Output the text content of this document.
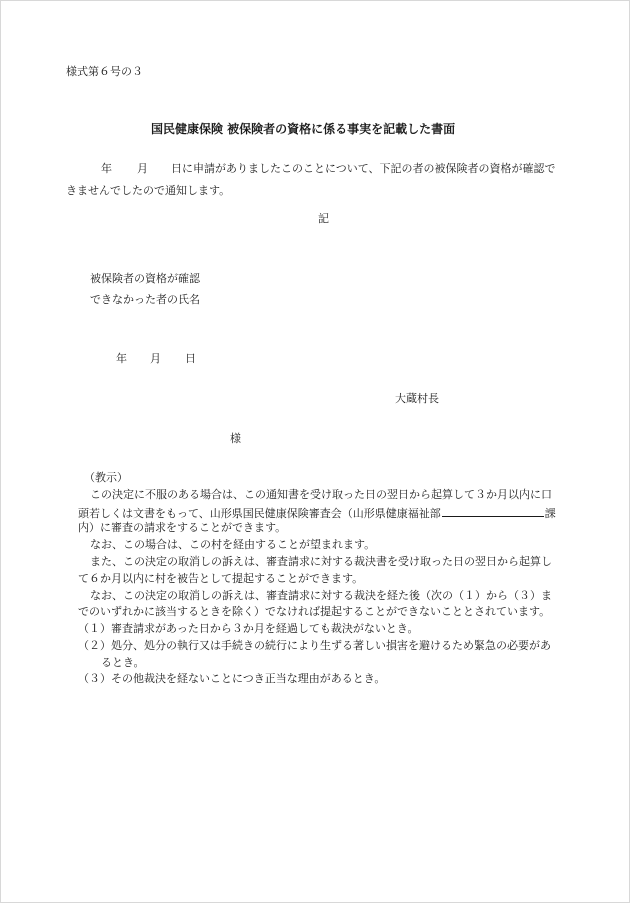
様式第６号の３
国民健康保険 被保険者の資格に係る事実を記載した書面
年 月 日に申請がありましたこのことについて、下記の者の被保険者の資格が確認で
きませんでしたので通知します。
記
被保険者の資格が確認
できなかった者の氏名
年 月 日
大蔵村長
様
（教示）
この決定に不服のある場合は、この通知書を受け取った日の翌日から起算して３か月以内に口
頭若しくは文書をもって、山形県国民健康保険審査会（山形県健康福祉部	課
内）に審査の請求をすることができます。
なお、この場合は、この村を経由することが望まれます。
また、この決定の取消しの訴えは、審査請求に対する裁決書を受け取った日の翌日から起算し
て６か月以内に村を被告として提起することができます。
なお、この決定の取消しの訴えは、審査請求に対する裁決を経た後（次の（１）から（３）ま
でのいずれかに該当するときを除く）でなければ提起することができないこととされています。
（１）審査請求があった日から３か月を経過しても裁決がないとき。
（２）処分、処分の執行又は手続きの続行により生ずる著しい損害を避けるため緊急の必要があ
るとき。
（３）その他裁決を経ないことにつき正当な理由があるとき。
